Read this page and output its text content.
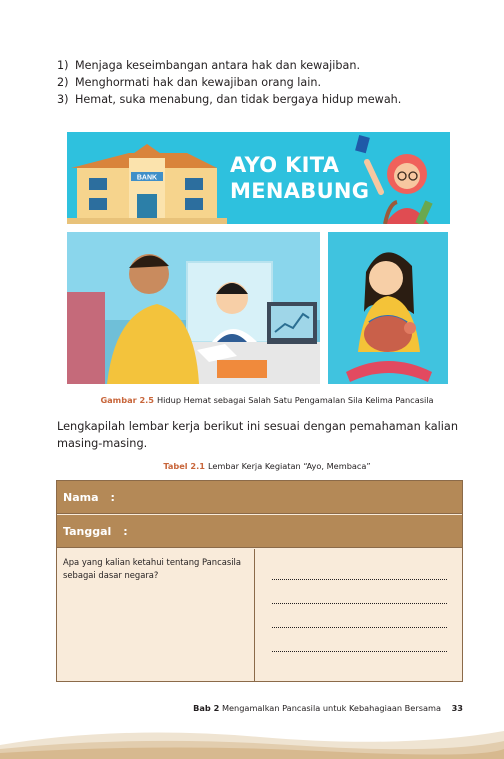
1) Menjaga keseimbangan antara hak dan kewajiban.
2) Menghormati hak dan kewajiban orang lain.
3) Hemat, suka menabung, dan tidak bergaya hidup mewah.
BANK
AYO KITA
MENABUNG
Gambar 2.5 Hidup Hemat sebagai Salah Satu Pengamalan Sila Kelima Pancasila
Lengkapilah lembar kerja berikut ini sesuai dengan pemahaman kalian
masing-masing.
Tabel 2.1 Lembar Kerja Kegiatan “Ayo, Membaca”
Nama :
Tanggal :
Apa yang kalian ketahui tentang Pancasila sebagai dasar negara?
Bab 2 Mengamalkan Pancasila untuk Kebahagiaan Bersama 33
